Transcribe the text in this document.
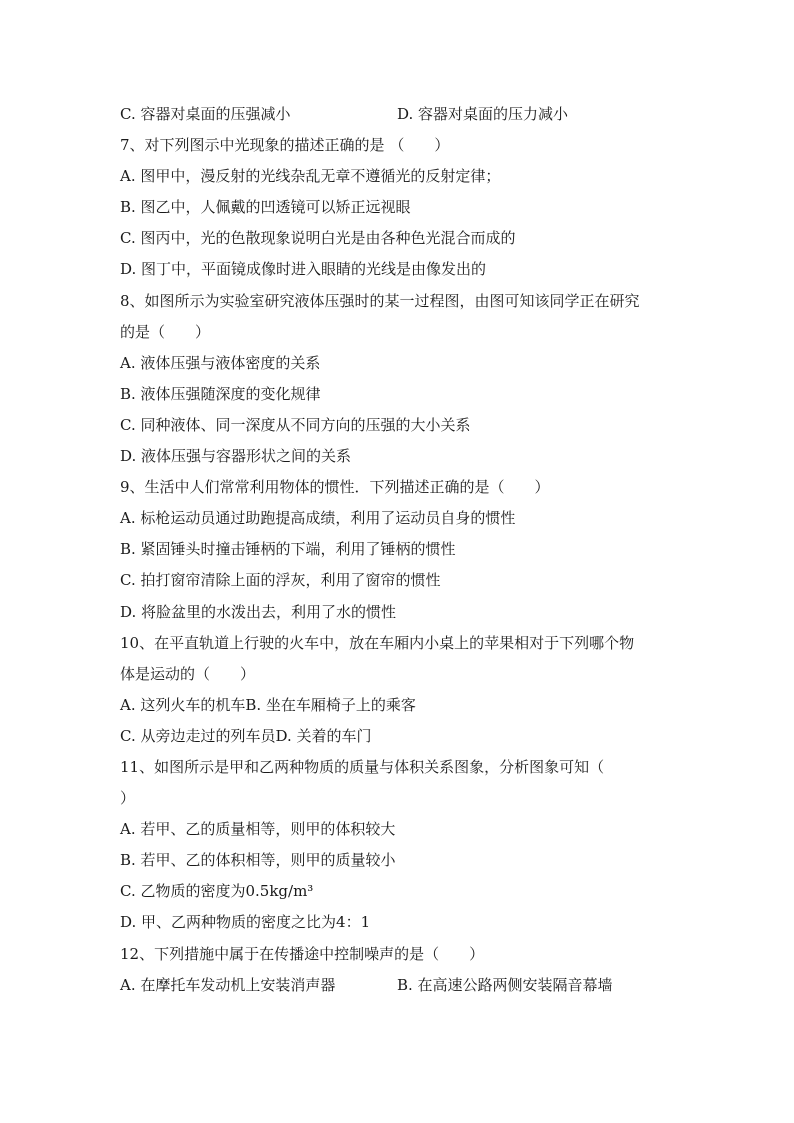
C. 容器对桌面的压强减小	D. 容器对桌面的压力减小
7、对下列图示中光现象的描述正确的是 （　　）
A. 图甲中，漫反射的光线杂乱无章不遵循光的反射定律；
B. 图乙中，人佩戴的凹透镜可以矫正远视眼
C. 图丙中，光的色散现象说明白光是由各种色光混合而成的
D. 图丁中，平面镜成像时进入眼睛的光线是由像发出的
8、如图所示为实验室研究液体压强时的某一过程图，由图可知该同学正在研究
的是（　　）
A. 液体压强与液体密度的关系
B. 液体压强随深度的变化规律
C. 同种液体、同一深度从不同方向的压强的大小关系
D. 液体压强与容器形状之间的关系
9、生活中人们常常利用物体的惯性．下列描述正确的是（　　）
A. 标枪运动员通过助跑提高成绩，利用了运动员自身的惯性
B. 紧固锤头时撞击锤柄的下端，利用了锤柄的惯性
C. 拍打窗帘清除上面的浮灰，利用了窗帘的惯性
D. 将脸盆里的水泼出去，利用了水的惯性
10、在平直轨道上行驶的火车中，放在车厢内小桌上的苹果相对于下列哪个物
体是运动的（　　）
A. 这列火车的机车B. 坐在车厢椅子上的乘客
C. 从旁边走过的列车员D. 关着的车门
11、如图所示是甲和乙两种物质的质量与体积关系图象，分析图象可知（
）
A. 若甲、乙的质量相等，则甲的体积较大
B. 若甲、乙的体积相等，则甲的质量较小
C. 乙物质的密度为0.5kg/m³
D. 甲、乙两种物质的密度之比为4：1
12、下列措施中属于在传播途中控制噪声的是（　　）
A. 在摩托车发动机上安装消声器	B. 在高速公路两侧安装隔音幕墙
